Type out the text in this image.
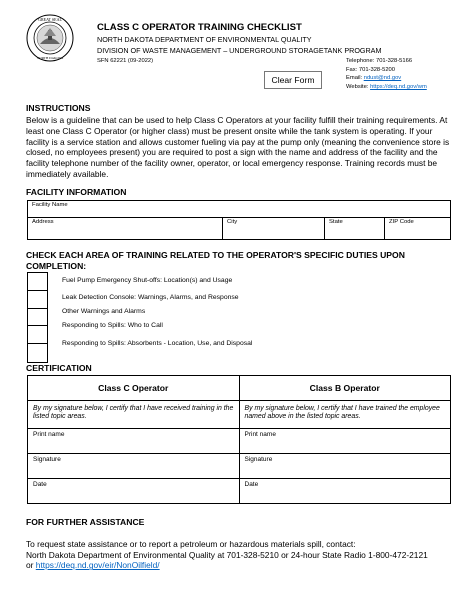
GREAT SEAL
NORTH DAKOTA
CLASS C OPERATOR TRAINING CHECKLIST
NORTH DAKOTA DEPARTMENT OF ENVIRONMENTAL QUALITY
DIVISION OF WASTE MANAGEMENT – UNDERGROUND STORAGETANK PROGRAM
SFN 62221 (09-2022)
Clear Form
Telephone: 701-328-5166
Fax: 701-328-5200
Email: ndust@nd.gov
Website: https://deq.nd.gov/wm
INSTRUCTIONS
Below is a guideline that can be used to help Class C Operators at your facility fulfill their training requirements. At least one Class C Operator (or higher class) must be present onsite while the tank system is operating. If your facility is a service station and allows customer fueling via pay at the pump only (meaning the convenience store is closed, no employees present) you are required to post a sign with the name and address of the facility and the facility telephone number of the facility owner, operator, or local emergency response. Training records must be immediately available.
FACILITY INFORMATION
Facility Name
Address	City	State	ZIP Code
CHECK EACH AREA OF TRAINING RELATED TO THE OPERATOR'S SPECIFIC DUTIES UPON
COMPLETION:
Fuel Pump Emergency Shut-offs: Location(s) and Usage
Leak Detection Console: Warnings, Alarms, and Response
Other Warnings and Alarms
Responding to Spills: Who to Call
Responding to Spills: Absorbents - Location, Use, and Disposal
CERTIFICATION
Class C Operator	Class B Operator
By my signature below, I certify that I have received training in the listed topic areas.	By my signature below, I certify that I have trained the employee named above in the listed topic areas.
Print name	Print name
Signature	Signature
Date	Date
FOR FURTHER ASSISTANCE
To request state assistance or to report a petroleum or hazardous materials spill, contact:
North Dakota Department of Environmental Quality at 701-328-5210 or 24-hour State Radio 1-800-472-2121
or https://deq.nd.gov/eir/NonOilfield/
